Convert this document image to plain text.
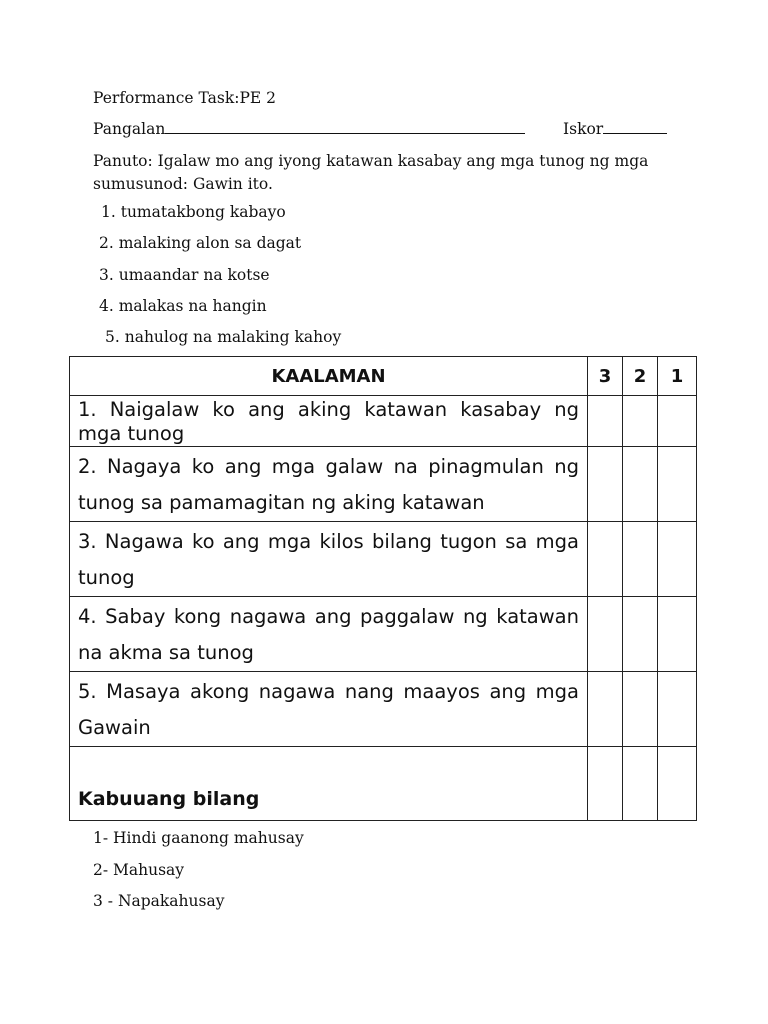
Performance Task:PE 2
Pangalan	Iskor
Panuto: Igalaw mo ang iyong katawan kasabay ang mga tunog ng mga sumusunod: Gawin ito.
1. tumatakbong kabayo
2. malaking alon sa dagat
3. umaandar na kotse
4. malakas na hangin
5. nahulog na malaking kahoy
KAALAMAN	3	2	1
1. Naigalaw ko ang aking katawan kasabay ng mga tunog			
2. Nagaya ko ang mga galaw na pinagmulan ng tunog sa pamamagitan ng aking katawan			
3. Nagawa ko ang mga kilos bilang tugon sa mga tunog			
4. Sabay kong nagawa ang paggalaw ng katawan na akma sa tunog			
5. Masaya akong nagawa nang maayos ang mga Gawain			
Kabuuang bilang			
1- Hindi gaanong mahusay
2- Mahusay
3 - Napakahusay
